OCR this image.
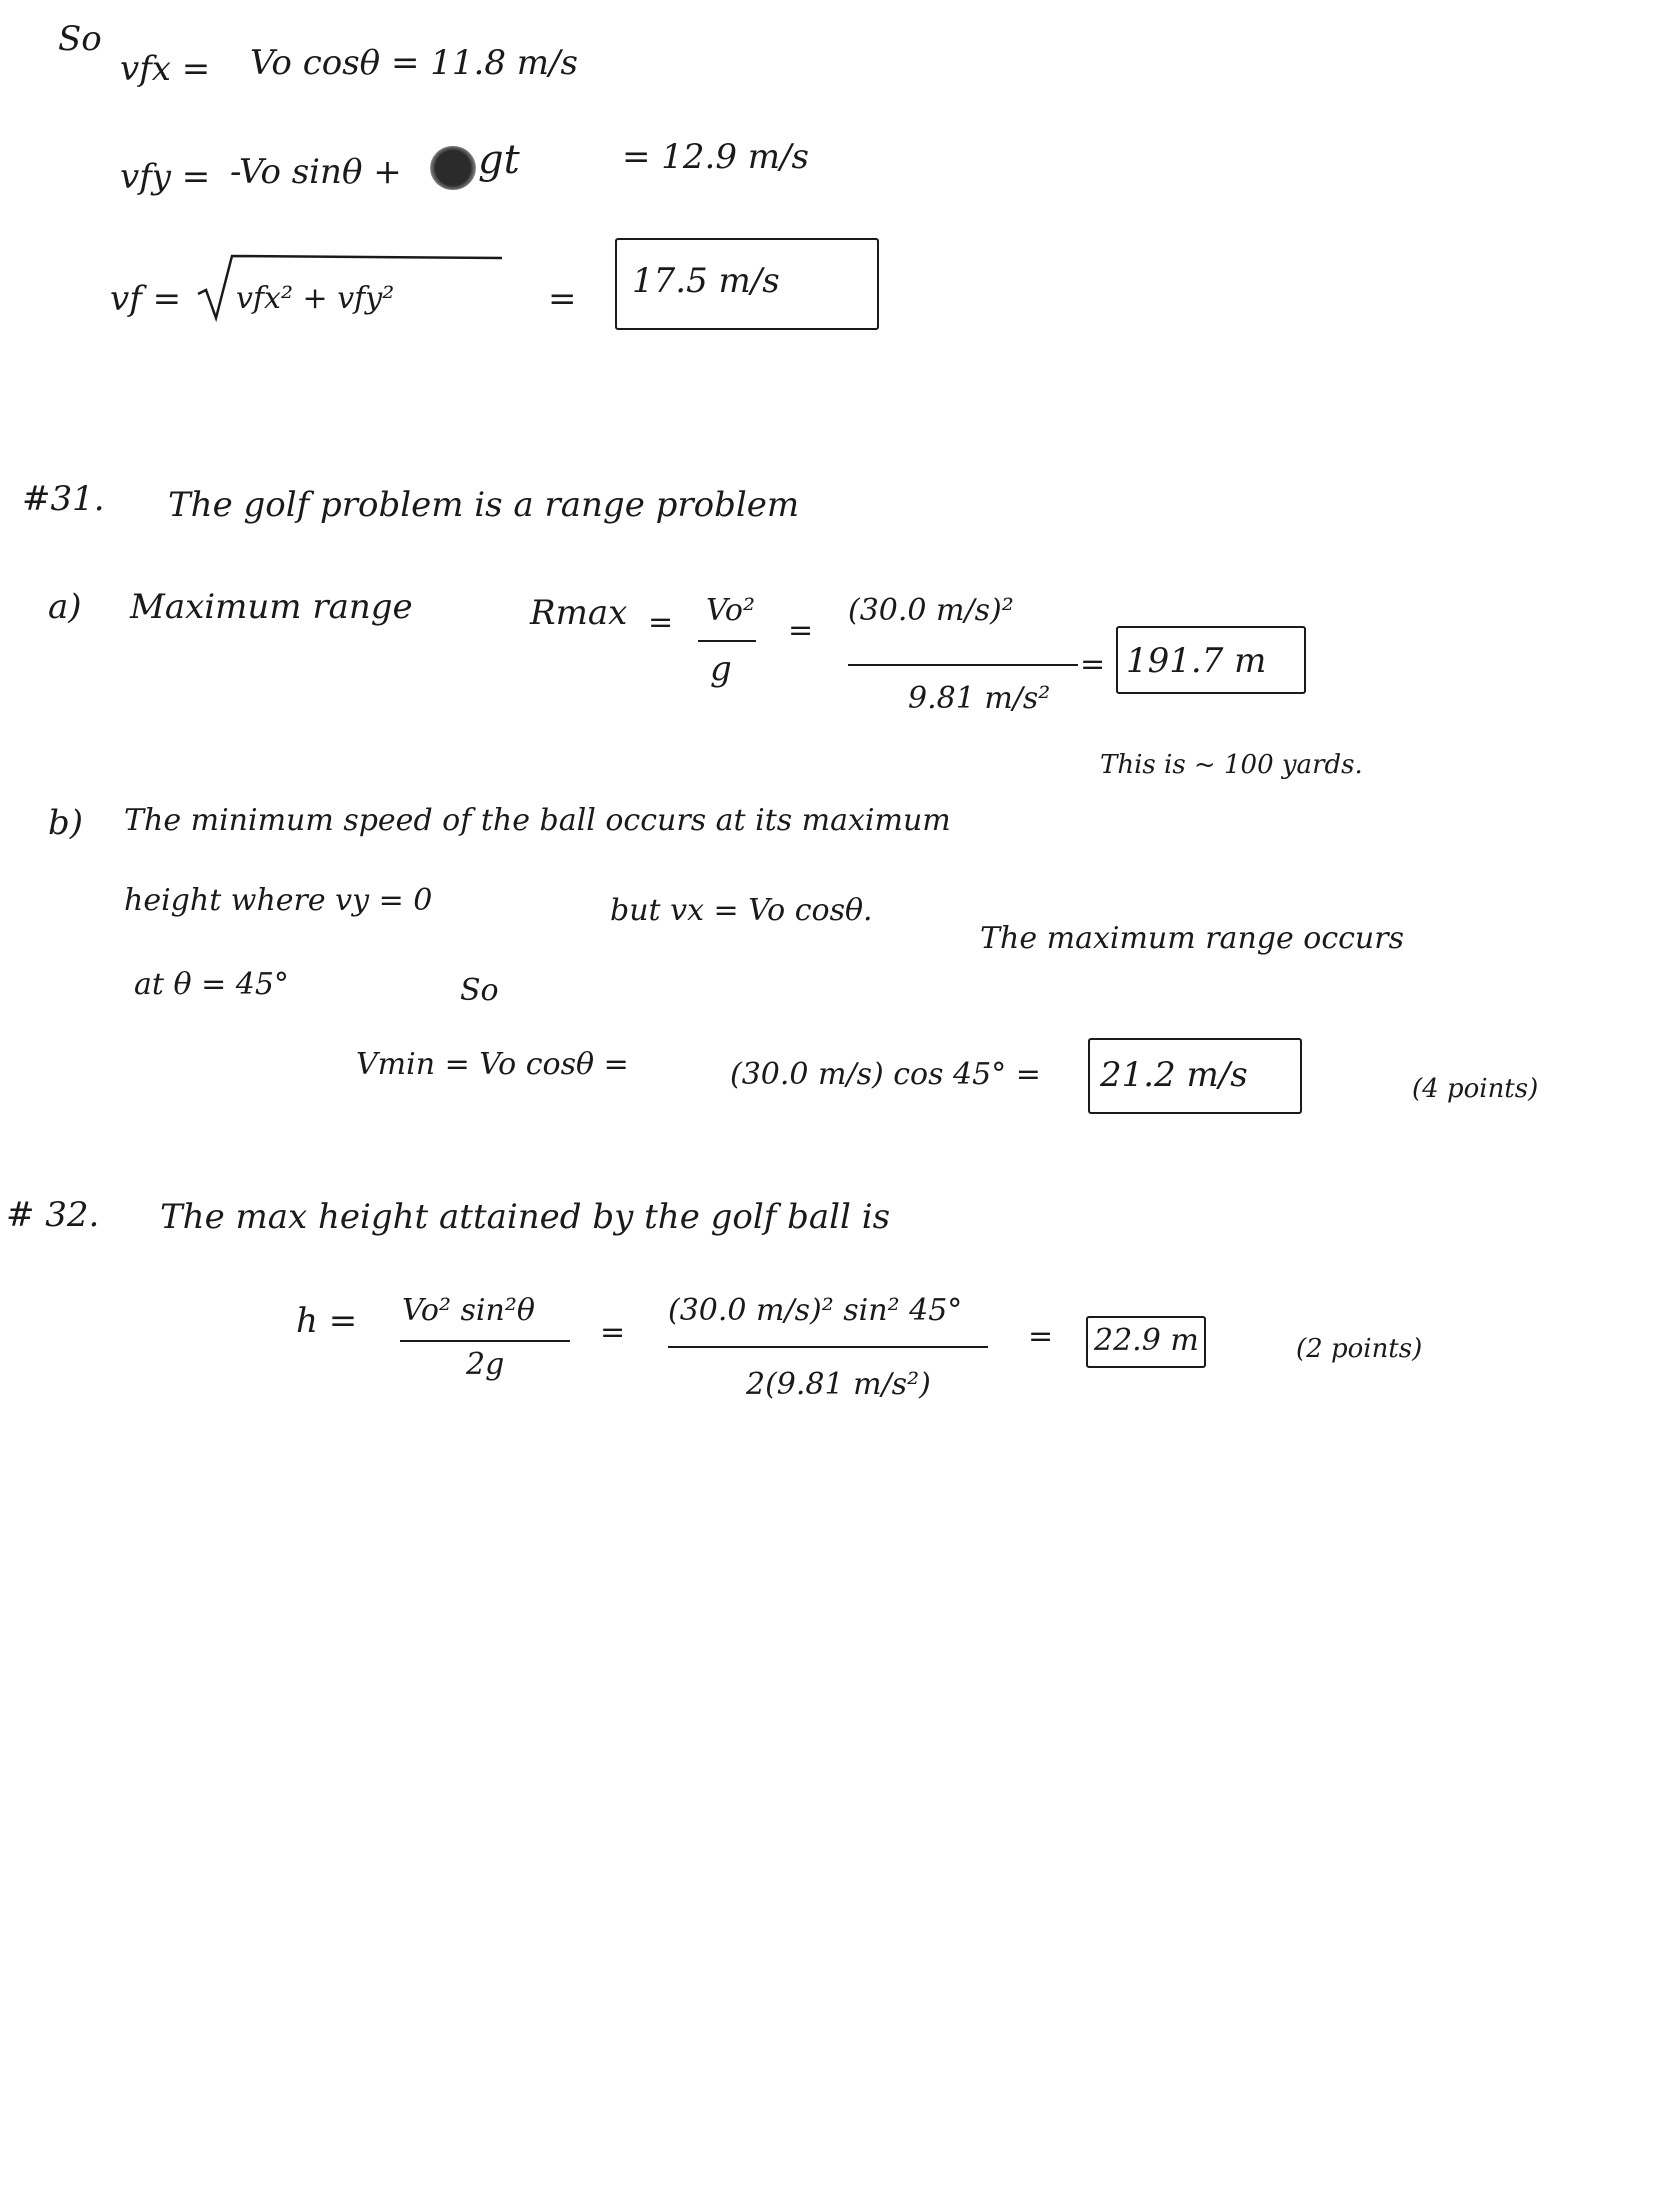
So
vfx = Vo cosθ = 11.8 m/s
vfy = -Vo sinθ + gt	= 12.9 m/s
vf = vfx² + vfy²	= 17.5 m/s
#31. The golf problem is a range problem
a) Maximum range	Rmax = Vo²
g
=
(30.0 m/s)²
9.81 m/s²
= 191.7 m
This is ~ 100 yards.
b) The minimum speed of the ball occurs at its maximum
height where vy = 0	but vx = Vo cosθ.
The maximum range occurs
at θ = 45°	So
Vmin = Vo cosθ =	(30.0 m/s) cos 45° = 21.2 m/s	(4 points)
# 32. The max height attained by the golf ball is
h = Vo² sin²θ
2g
=
(30.0 m/s)² sin² 45°
2(9.81 m/s²)
= 22.9 m	(2 points)
